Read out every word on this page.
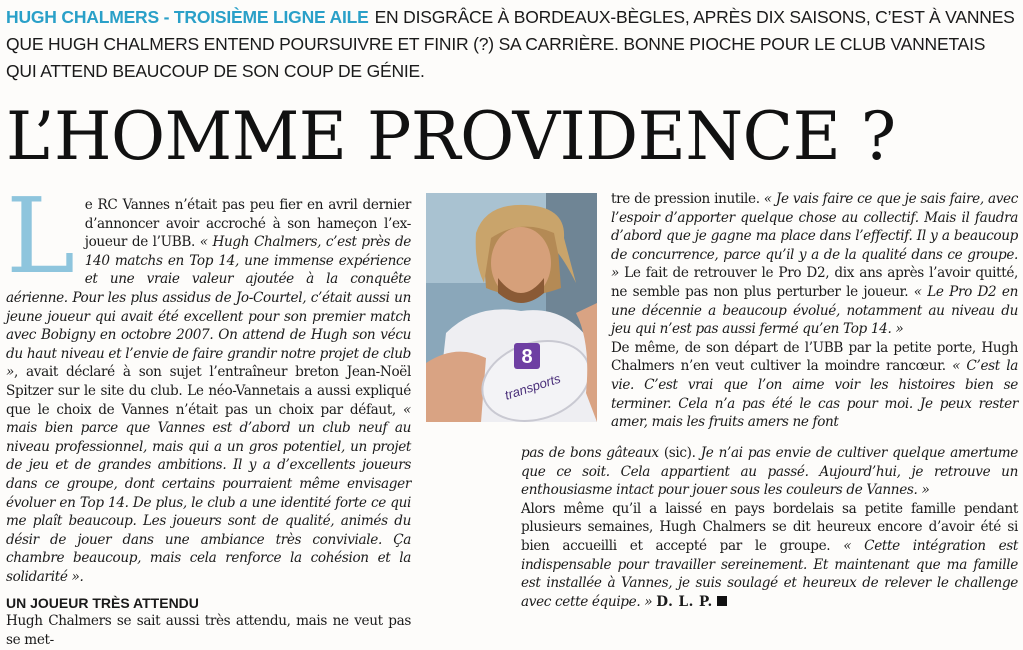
HUGH CHALMERS - TROISIÈME LIGNE AILE EN DISGRÂCE À BORDEAUX-BÈGLES, APRÈS DIX SAISONS, C’EST À VANNES QUE HUGH CHALMERS ENTEND POURSUIVRE ET FINIR (?) SA CARRIÈRE. BONNE PIOCHE POUR LE CLUB VANNETAIS QUI ATTEND BEAUCOUP DE SON COUP DE GÉNIE.
L’HOMME PROVIDENCE ?
L e RC Vannes n’était pas peu fier en avril dernier d’annoncer avoir accroché à son hameçon l’ex-joueur de l’UBB. « Hugh Chalmers, c’est près de 140 matchs en Top 14, une immense expérience et une vraie valeur ajoutée à la conquête aérienne. Pour les plus assidus de Jo-Courtel, c’était aussi un jeune joueur qui avait été excellent pour son premier match avec Bobigny en octobre 2007. On attend de Hugh son vécu du haut niveau et l’envie de faire grandir notre projet de club », avait déclaré à son sujet l’entraîneur breton Jean-Noël Spitzer sur le site du club. Le néo-Vannetais a aussi expliqué que le choix de Vannes n’était pas un choix par défaut, « mais bien parce que Vannes est d’abord un club neuf au niveau professionnel, mais qui a un gros potentiel, un projet de jeu et de grandes ambitions. Il y a d’excellents joueurs dans ce groupe, dont certains pourraient même envisager évoluer en Top 14. De plus, le club a une identité forte ce qui me plaît beaucoup. Les joueurs sont de qualité, animés du désir de jouer dans une ambiance très conviviale. Ça chambre beaucoup, mais cela renforce la cohésion et la solidarité ».

UN JOUEUR TRÈS ATTENDU

Hugh Chalmers se sait aussi très attendu, mais ne veut pas se met-

8
transports

tre de pression inutile. « Je vais faire ce que je sais faire, avec l’espoir d’apporter quelque chose au collectif. Mais il faudra d’abord que je gagne ma place dans l’effectif. Il y a beaucoup de concurrence, parce qu’il y a de la qualité dans ce groupe. » Le fait de retrouver le Pro D2, dix ans après l’avoir quitté, ne semble pas non plus perturber le joueur. « Le Pro D2 en une décennie a beaucoup évolué, notamment au niveau du jeu qui n’est pas aussi fermé qu’en Top 14. »

De même, de son départ de l’UBB par la petite porte, Hugh Chalmers n’en veut cultiver la moindre rancœur. « C’est la vie. C’est vrai que l’on aime voir les histoires bien se terminer. Cela n’a pas été le cas pour moi. Je peux rester amer, mais les fruits amers ne font

pas de bons gâteaux (sic). Je n’ai pas envie de cultiver quelque amertume que ce soit. Cela appartient au passé. Aujourd’hui, je retrouve un enthousiasme intact pour jouer sous les couleurs de Vannes. »

Alors même qu’il a laissé en pays bordelais sa petite famille pendant plusieurs semaines, Hugh Chalmers se dit heureux encore d’avoir été si bien accueilli et accepté par le groupe. « Cette intégration est indispensable pour travailler sereinement. Et maintenant que ma famille est installée à Vannes, je suis soulagé et heureux de relever le challenge avec cette équipe. » D. L. P.
